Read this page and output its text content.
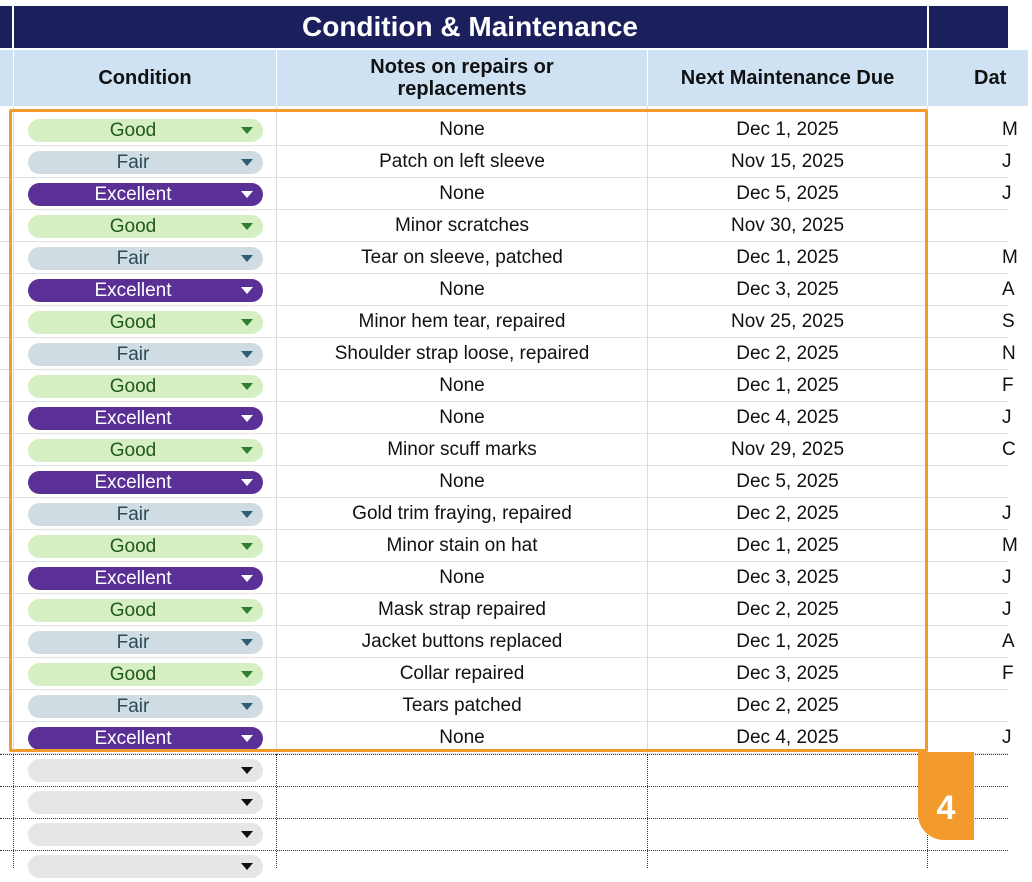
Condition & Maintenance
Condition	Notes on repairs or replacements	Next Maintenance Due	Dat
Good	None	Dec 1, 2025	M
Fair	Patch on left sleeve	Nov 15, 2025	J
Excellent	None	Dec 5, 2025	J
Good	Minor scratches	Nov 30, 2025
Fair	Tear on sleeve, patched	Dec 1, 2025	M
Excellent	None	Dec 3, 2025	A
Good	Minor hem tear, repaired	Nov 25, 2025	S
Fair	Shoulder strap loose, repaired	Dec 2, 2025	N
Good	None	Dec 1, 2025	F
Excellent	None	Dec 4, 2025	J
Good	Minor scuff marks	Nov 29, 2025	C
Excellent	None	Dec 5, 2025
Fair	Gold trim fraying, repaired	Dec 2, 2025	J
Good	Minor stain on hat	Dec 1, 2025	M
Excellent	None	Dec 3, 2025	J
Good	Mask strap repaired	Dec 2, 2025	J
Fair	Jacket buttons replaced	Dec 1, 2025	A
Good	Collar repaired	Dec 3, 2025	F
Fair	Tears patched	Dec 2, 2025
Excellent	None	Dec 4, 2025	J
4
